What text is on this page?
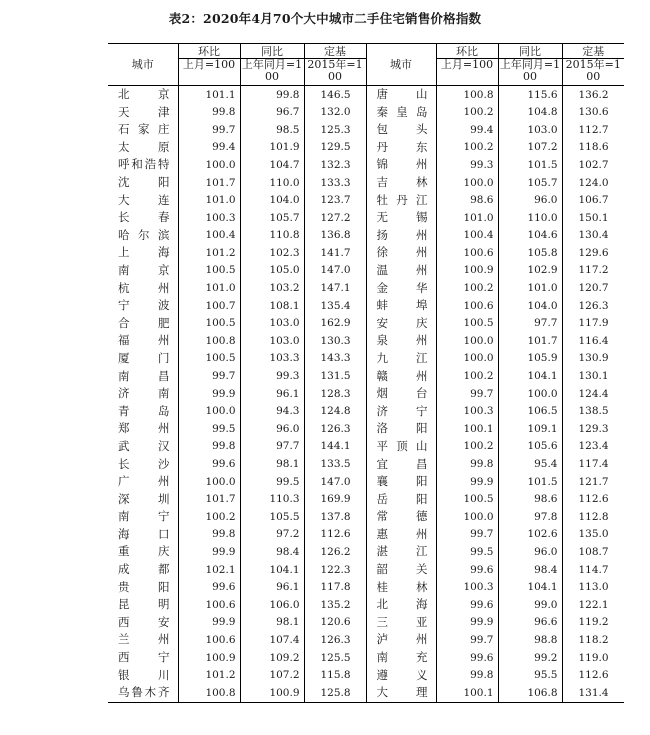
表2：2020年4月70个大中城市二手住宅销售价格指数
城市	环比	同比	定基	城市	环比	同比	定基
	上月=100	上年同月=100	2015年=100		上月=100	上年同月=100	2015年=100
北京	101.1	99.8	146.5	唐山	100.8	115.6	136.2
天津	99.8	96.7	132.0	秦皇岛	100.2	104.8	130.6
石家庄	99.7	98.5	125.3	包头	99.4	103.0	112.7
太原	99.4	101.9	129.5	丹东	100.2	107.2	118.6
呼和浩特	100.0	104.7	132.3	锦州	99.3	101.5	102.7
沈阳	101.7	110.0	133.3	吉林	100.0	105.7	124.0
大连	101.0	104.0	123.7	牡丹江	98.6	96.0	106.7
长春	100.3	105.7	127.2	无锡	101.0	110.0	150.1
哈尔滨	100.4	110.8	136.8	扬州	100.4	104.6	130.4
上海	101.2	102.3	141.7	徐州	100.6	105.8	129.6
南京	100.5	105.0	147.0	温州	100.9	102.9	117.2
杭州	101.0	103.2	147.1	金华	100.2	101.0	120.7
宁波	100.7	108.1	135.4	蚌埠	100.6	104.0	126.3
合肥	100.5	103.0	162.9	安庆	100.5	97.7	117.9
福州	100.8	103.0	130.3	泉州	100.0	101.7	116.4
厦门	100.5	103.3	143.3	九江	100.0	105.9	130.9
南昌	99.7	99.3	131.5	赣州	100.2	104.1	130.1
济南	99.9	96.1	128.3	烟台	99.7	100.0	124.4
青岛	100.0	94.3	124.8	济宁	100.3	106.5	138.5
郑州	99.5	96.0	126.3	洛阳	100.1	109.1	129.3
武汉	99.8	97.7	144.1	平顶山	100.2	105.6	123.4
长沙	99.6	98.1	133.5	宜昌	99.8	95.4	117.4
广州	100.0	99.5	147.0	襄阳	99.9	101.5	121.7
深圳	101.7	110.3	169.9	岳阳	100.5	98.6	112.6
南宁	100.2	105.5	137.8	常德	100.0	97.8	112.8
海口	99.8	97.2	112.6	惠州	99.7	102.6	135.0
重庆	99.9	98.4	126.2	湛江	99.5	96.0	108.7
成都	102.1	104.1	122.3	韶关	99.6	98.4	114.7
贵阳	99.6	96.1	117.8	桂林	100.3	104.1	113.0
昆明	100.6	106.0	135.2	北海	99.6	99.0	122.1
西安	99.9	98.1	120.6	三亚	99.9	96.6	119.2
兰州	100.6	107.4	126.3	泸州	99.7	98.8	118.2
西宁	100.9	109.2	125.5	南充	99.6	99.2	119.0
银川	101.2	107.2	115.8	遵义	99.8	95.5	112.6
乌鲁木齐	100.8	100.9	125.8	大理	100.1	106.8	131.4
